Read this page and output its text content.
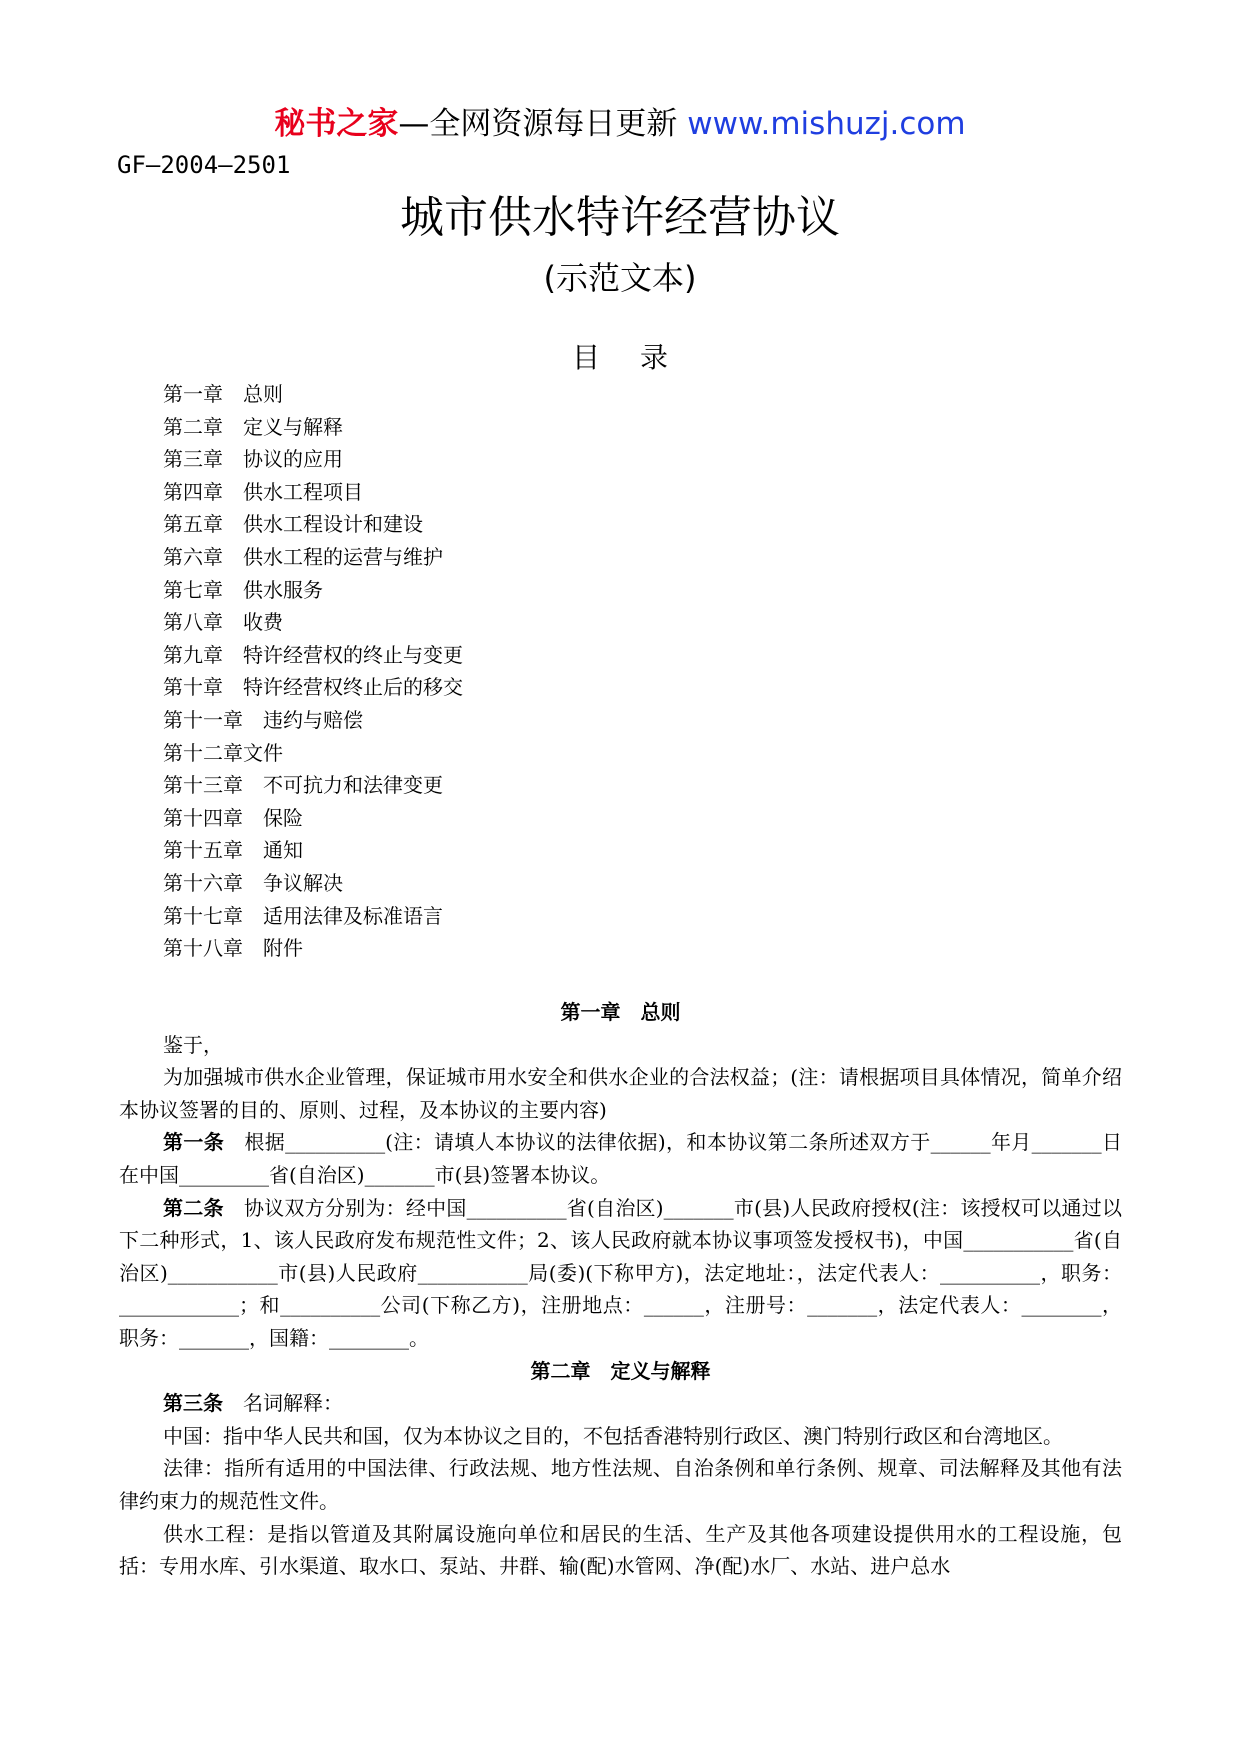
秘书之家—全网资源每日更新 www.mishuzj.com
GF—2004—2501
城市供水特许经营协议
(示范文本)
目录
第一章　 总则
第二章　 定义与解释
第三章　 协议的应用
第四章　 供水工程项目
第五章　 供水工程设计和建设
第六章　 供水工程的运营与维护
第七章　 供水服务
第八章　 收费
第九章　 特许经营权的终止与变更
第十章　 特许经营权终止后的移交
第十一章　 违约与赔偿
第十二章文件
第十三章　 不可抗力和法律变更
第十四章　 保险
第十五章　 通知
第十六章　 争议解决
第十七章　 适用法律及标准语言
第十八章　 附件

第一章　总则

鉴于，

为加强城市供水企业管理，保证城市用水安全和供水企业的合法权益；(注：请根据项目具体情况，简单介绍本协议签署的目的、原则、过程，及本协议的主要内容)

第一条　根据__________(注：请填人本协议的法律依据)，和本协议第二条所述双方于______年月_______日在中国_________省(自治区)_______市(县)签署本协议。

第二条　协议双方分别为：经中国__________省(自治区)_______市(县)人民政府授权(注：该授权可以通过以下二种形式，1、该人民政府发布规范性文件；2、该人民政府就本协议事项签发授权书)，中国___________省(自治区)___________市(县)人民政府___________局(委)(下称甲方)，法定地址：，法定代表人：__________，职务：____________；和__________公司(下称乙方)，注册地点：______，注册号：_______，法定代表人：________，职务：_______，国籍：________。

第二章　定义与解释

第三条　名词解释：

中国：指中华人民共和国，仅为本协议之目的，不包括香港特别行政区、澳门特别行政区和台湾地区。

法律：指所有适用的中国法律、行政法规、地方性法规、自治条例和单行条例、规章、司法解释及其他有法律约束力的规范性文件。

供水工程：是指以管道及其附属设施向单位和居民的生活、生产及其他各项建设提供用水的工程设施，包括：专用水库、引水渠道、取水口、泵站、井群、输(配)水管网、净(配)水厂、水站、进户总水
